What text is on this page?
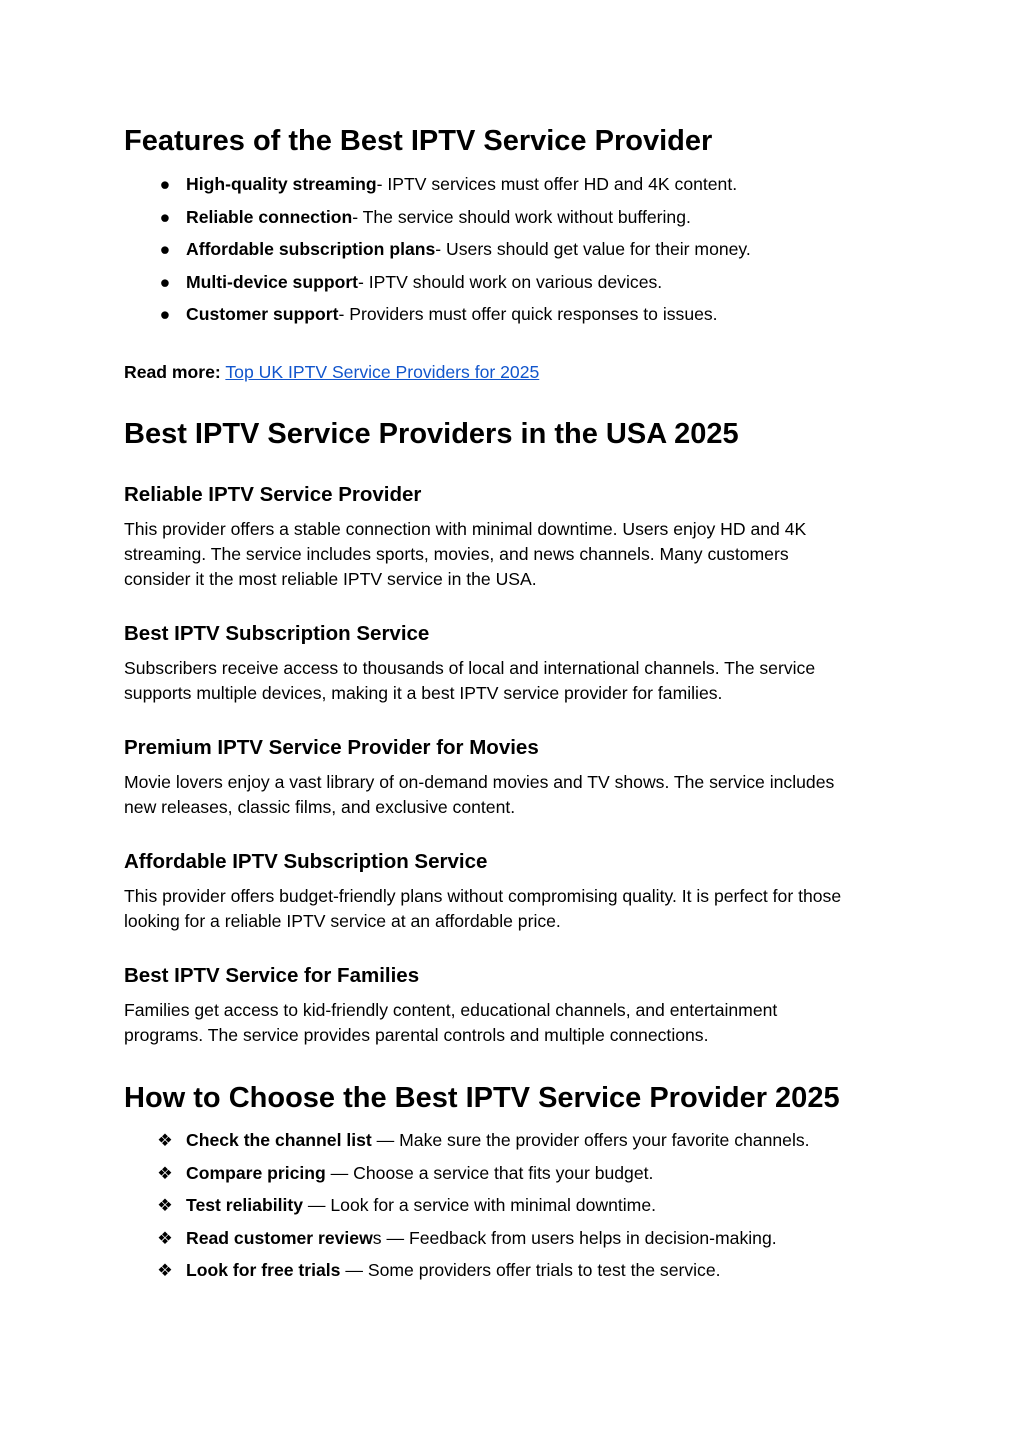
Features of the Best IPTV Service Provider
● High-quality streaming- IPTV services must offer HD and 4K content.
● Reliable connection- The service should work without buffering.
● Affordable subscription plans- Users should get value for their money.
● Multi-device support- IPTV should work on various devices.
● Customer support- Providers must offer quick responses to issues.
Read more: Top UK IPTV Service Providers for 2025
Best IPTV Service Providers in the USA 2025
Reliable IPTV Service Provider

This provider offers a stable connection with minimal downtime. Users enjoy HD and 4K
streaming. The service includes sports, movies, and news channels. Many customers
consider it the most reliable IPTV service in the USA.

Best IPTV Subscription Service

Subscribers receive access to thousands of local and international channels. The service
supports multiple devices, making it a best IPTV service provider for families.

Premium IPTV Service Provider for Movies

Movie lovers enjoy a vast library of on-demand movies and TV shows. The service includes
new releases, classic films, and exclusive content.

Affordable IPTV Subscription Service

This provider offers budget-friendly plans without compromising quality. It is perfect for those
looking for a reliable IPTV service at an affordable price.

Best IPTV Service for Families

Families get access to kid-friendly content, educational channels, and entertainment
programs. The service provides parental controls and multiple connections.

How to Choose the Best IPTV Service Provider 2025
❖ Check the channel list — Make sure the provider offers your favorite channels.
❖ Compare pricing — Choose a service that fits your budget.
❖ Test reliability — Look for a service with minimal downtime.
❖ Read customer reviews — Feedback from users helps in decision-making.
❖ Look for free trials — Some providers offer trials to test the service.
